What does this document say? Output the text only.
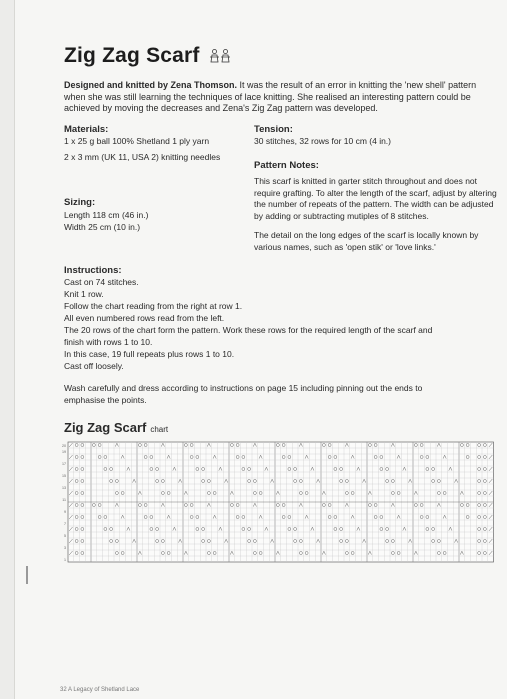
Zig Zag Scarf
Designed and knitted by Zena Thomson. It was the result of an error in knitting the 'new shell' pattern when she was still learning the techniques of lace knitting. She realised an interesting pattern could be achieved by moving the decreases and Zena's Zig Zag pattern was developed.
Materials:
1 x 25 g ball 100% Shetland 1 ply yarn
2 x 3 mm (UK 11, USA 2) knitting needles
Tension:
30 stitches, 32 rows for 10 cm (4 in.)
Pattern Notes:
This scarf is knitted in garter stitch throughout and does not require grafting. To alter the length of the scarf, adjust by altering the number of repeats of the pattern. The width can be adjusted by adding or subtracting mutiples of 8 stitches.
The detail on the long edges of the scarf is locally known by various names, such as 'open stik' or 'love links.'
Sizing:
Length 118 cm (46 in.)
Width 25 cm (10 in.)
Instructions:
Cast on 74 stitches.
Knit 1 row.
Follow the chart reading from the right at row 1.
All even numbered rows read from the left.
The 20 rows of the chart form the pattern. Work these rows for the required length of the scarf and
finish with rows 1 to 10.
In this case, 19 full repeats plus rows 1 to 10.
Cast off loosely.
Wash carefully and dress according to instructions on page 15 including pinning out the ends to
emphasise the points.
Zig Zag Scarf chart
20
19
17
15
13
11
9
7
5
3
1
32 A Legacy of Shetland Lace
